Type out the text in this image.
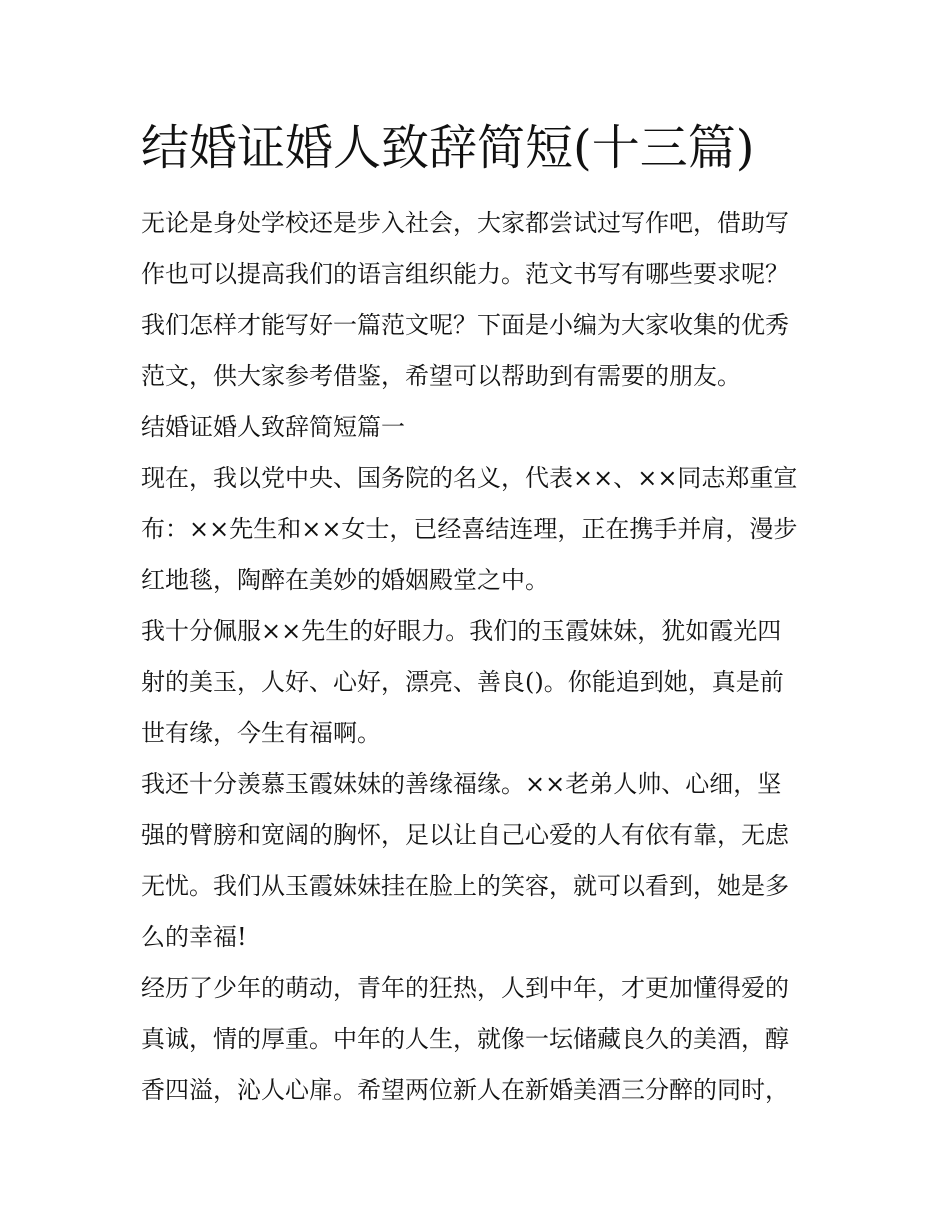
结婚证婚人致辞简短(十三篇)
无论是身处学校还是步入社会，大家都尝试过写作吧，借助写
作也可以提高我们的语言组织能力。范文书写有哪些要求呢？
我们怎样才能写好一篇范文呢？下面是小编为大家收集的优秀
范文，供大家参考借鉴，希望可以帮助到有需要的朋友。
结婚证婚人致辞简短篇一
现在，我以党中央、国务院的名义，代表××、××同志郑重宣
布：××先生和××女士，已经喜结连理，正在携手并肩，漫步
红地毯，陶醉在美妙的婚姻殿堂之中。
我十分佩服××先生的好眼力。我们的玉霞妹妹，犹如霞光四
射的美玉，人好、心好，漂亮、善良()。你能追到她，真是前
世有缘，今生有福啊。
我还十分羡慕玉霞妹妹的善缘福缘。××老弟人帅、心细，坚
强的臂膀和宽阔的胸怀，足以让自己心爱的人有依有靠，无虑
无忧。我们从玉霞妹妹挂在脸上的笑容，就可以看到，她是多
么的幸福!
经历了少年的萌动，青年的狂热，人到中年，才更加懂得爱的
真诚，情的厚重。中年的人生，就像一坛储藏良久的美酒，醇
香四溢，沁人心扉。希望两位新人在新婚美酒三分醉的同时，
